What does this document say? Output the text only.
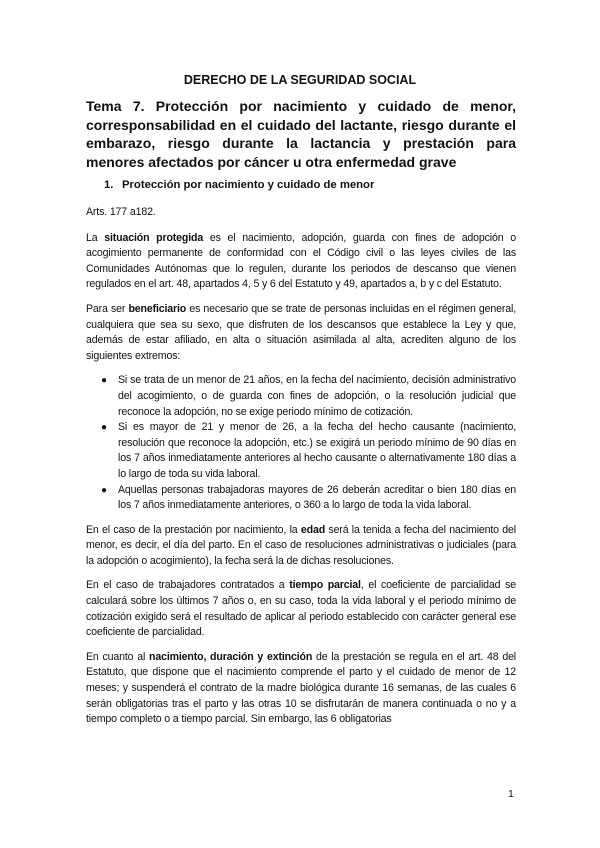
DERECHO DE LA SEGURIDAD SOCIAL
Tema 7. Protección por nacimiento y cuidado de menor, corresponsabilidad en el cuidado del lactante, riesgo durante el embarazo, riesgo durante la lactancia y prestación para menores afectados por cáncer u otra enfermedad grave
1. Protección por nacimiento y cuidado de menor

Arts. 177 a182.

La situación protegida es el nacimiento, adopción, guarda con fines de adopción o acogimiento permanente de conformidad con el Código civil o las leyes civiles de las Comunidades Autónomas que lo regulen, durante los periodos de descanso que vienen regulados en el art. 48, apartados 4, 5 y 6 del Estatuto y 49, apartados a, b y c del Estatuto.

Para ser beneficiario es necesario que se trate de personas incluidas en el régimen general, cualquiera que sea su sexo, que disfruten de los descansos que establece la Ley y que, además de estar afiliado, en alta o situación asimilada al alta, acrediten alguno de los siguientes extremos:

● Si se trata de un menor de 21 años, en la fecha del nacimiento, decisión administrativo del acogimiento, o de guarda con fines de adopción, o la resolución judicial que reconoce la adopción, no se exige periodo mínimo de cotización.
● Si es mayor de 21 y menor de 26, a la fecha del hecho causante (nacimiento, resolución que reconoce la adopción, etc.) se exigirá un periodo mínimo de 90 días en los 7 años inmediatamente anteriores al hecho causante o alternativamente 180 días a lo largo de toda su vida laboral.
● Aquellas personas trabajadoras mayores de 26 deberán acreditar o bien 180 días en los 7 años inmediatamente anteriores, o 360 a lo largo de toda la vida laboral.

En el caso de la prestación por nacimiento, la edad será la tenida a fecha del nacimiento del menor, es decir, el día del parto. En el caso de resoluciones administrativas o judiciales (para la adopción o acogimiento), la fecha será la de dichas resoluciones.

En el caso de trabajadores contratados a tiempo parcial, el coeficiente de parcialidad se calculará sobre los últimos 7 años o, en su caso, toda la vida laboral y el periodo mínimo de cotización exigido será el resultado de aplicar al periodo establecido con carácter general ese coeficiente de parcialidad.

En cuanto al nacimiento, duración y extinción de la prestación se regula en el art. 48 del Estatuto, que dispone que el nacimiento comprende el parto y el cuidado de menor de 12 meses; y suspenderá el contrato de la madre biológica durante 16 semanas, de las cuales 6 serán obligatorias tras el parto y las otras 10 se disfrutarán de manera continuada o no y a tiempo completo o a tiempo parcial. Sin embargo, las 6 obligatorias

1
